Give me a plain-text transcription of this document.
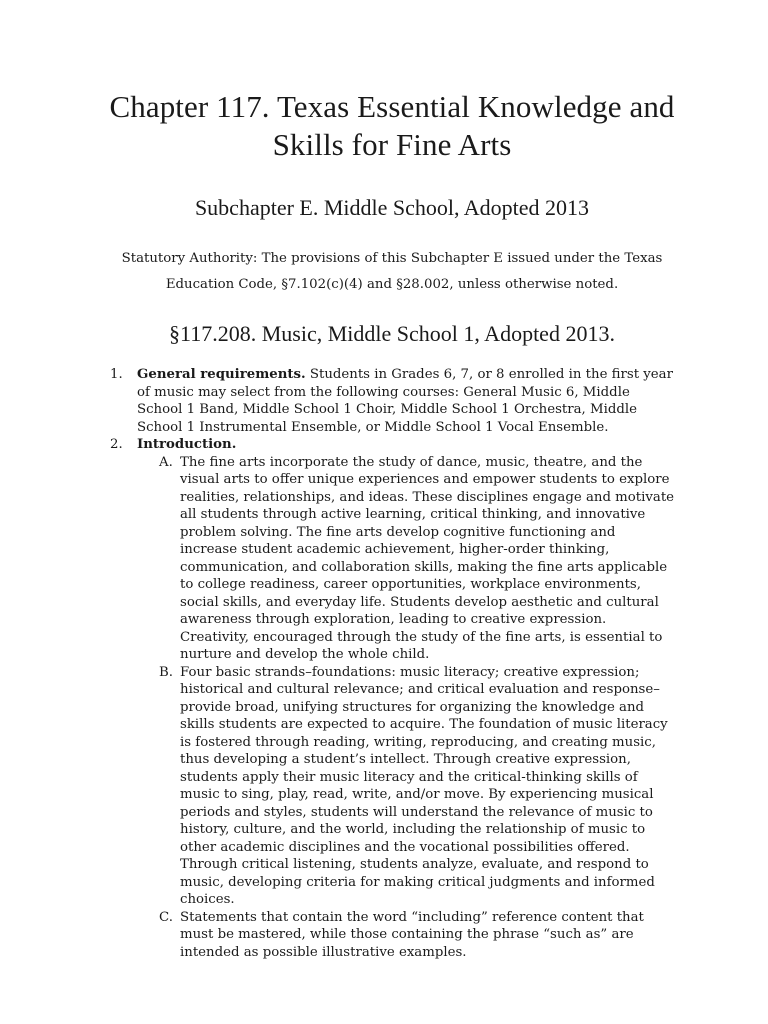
Chapter 117. Texas Essential Knowledge and Skills for Fine Arts
Subchapter E. Middle School, Adopted 2013

Statutory Authority: The provisions of this Subchapter E issued under the Texas Education Code, §7.102(c)(4) and §28.002, unless otherwise noted.

§117.208. Music, Middle School 1, Adopted 2013.
1. General requirements. Students in Grades 6, 7, or 8 enrolled in the first year of music may select from the following courses: General Music 6, Middle School 1 Band, Middle School 1 Choir, Middle School 1 Orchestra, Middle School 1 Instrumental Ensemble, or Middle School 1 Vocal Ensemble.
2. Introduction.
A. The fine arts incorporate the study of dance, music, theatre, and the visual arts to offer unique experiences and empower students to explore realities, relationships, and ideas. These disciplines engage and motivate all students through active learning, critical thinking, and innovative problem solving. The fine arts develop cognitive functioning and increase student academic achievement, higher-order thinking, communication, and collaboration skills, making the fine arts applicable to college readiness, career opportunities, workplace environments, social skills, and everyday life. Students develop aesthetic and cultural awareness through exploration, leading to creative expression. Creativity, encouraged through the study of the fine arts, is essential to nurture and develop the whole child.
B. Four basic strands–foundations: music literacy; creative expression; historical and cultural relevance; and critical evaluation and response–provide broad, unifying structures for organizing the knowledge and skills students are expected to acquire. The foundation of music literacy is fostered through reading, writing, reproducing, and creating music, thus developing a student’s intellect. Through creative expression, students apply their music literacy and the critical-thinking skills of music to sing, play, read, write, and/or move. By experiencing musical periods and styles, students will understand the relevance of music to history, culture, and the world, including the relationship of music to other academic disciplines and the vocational possibilities offered. Through critical listening, students analyze, evaluate, and respond to music, developing criteria for making critical judgments and informed choices.
C. Statements that contain the word “including” reference content that must be mastered, while those containing the phrase “such as” are intended as possible illustrative examples.
